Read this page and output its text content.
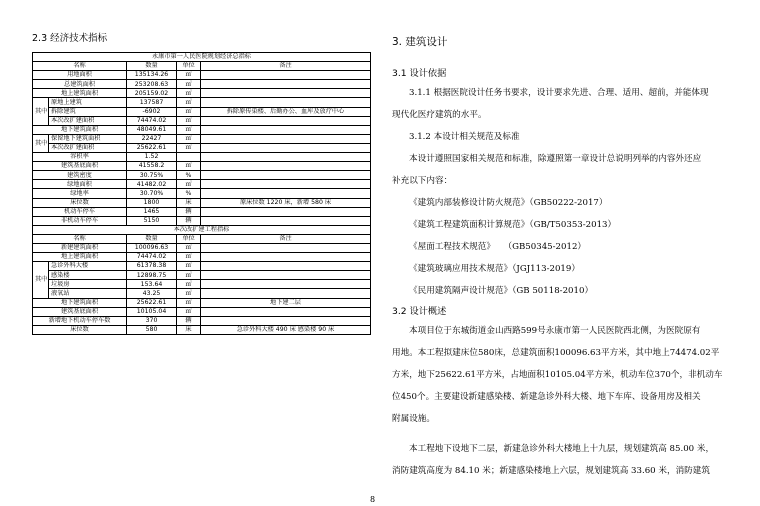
2.3 经济技术指标
永康市第一人民医院规划经济总指标				
名称		数量	单位	备注
用地面积		135134.26	㎡	
总建筑面积		253208.63	㎡	
地上建筑面积		205159.02	㎡	
其中	原地上建筑	137587	㎡	
	拆除建筑	-6902	㎡	拆除原传染楼、后勤办公、血库及放疗中心
	本次改扩建面积	74474.02	㎡	
地下建筑面积		48049.61	㎡	
其中	保留地下建筑面积	22427	㎡	
	本次改扩建面积	25622.61	㎡	
容积率		1.52		
建筑基底面积		41558.2	㎡	
建筑密度		30.75%	%	
绿地面积		41482.02	㎡	
绿地率		30.70%	%	
床位数		1800	床	原床位数 1220 床，新增 580 床
机动车停车		1465	辆	
非机动车停车		5150	辆	
本次改扩建工程指标				
名称		数量	单位	备注
新建建筑面积		100096.63	㎡	
地上建筑面积		74474.02	㎡	
其中	急诊外科大楼	61378.38	㎡	
	感染楼	12898.75	㎡	
	垃圾房	153.64	㎡	
	液氧站	43.25	㎡	
地下建筑面积		25622.61	㎡	地下建二层
建筑基底面积		10105.04	㎡	
新增地下机动车停车数		370	辆	
床位数		580	床	急诊外科大楼 490 床 感染楼 90 床
3. 建筑设计
3.1 设计依据

3.1.1 根据医院设计任务书要求，设计要求先进、合理、适用、超前，并能体现

现代化医疗建筑的水平。

3.1.2 本设计相关规范及标准

本设计遵照国家相关规范和标准，除遵照第一章设计总说明列举的内容外还应

补充以下内容：

《建筑内部装修设计防火规范》（GB50222-2017）

《建筑工程建筑面积计算规范》（GB/T50353-2013）

《屋面工程技术规范》　　（GB50345-2012）

《建筑玻璃应用技术规范》（JGJ113-2019）

《民用建筑隔声设计规范》（GB 50118-2010）

3.2 设计概述

本项目位于东城街道金山西路599号永康市第一人民医院西北侧，为医院原有

用地。本工程拟建床位580床，总建筑面积100096.63平方米，其中地上74474.02平

方米，地下25622.61平方米，占地面积10105.04平方米，机动车位370个，非机动车

位450个。主要建设新建感染楼、新建急诊外科大楼、地下车库、设备用房及相关

附属设施。

本工程地下设地下二层，新建急诊外科大楼地上十九层，规划建筑高 85.00 米，

消防建筑高度为 84.10 米；新建感染楼地上六层，规划建筑高 33.60 米，消防建筑

8
